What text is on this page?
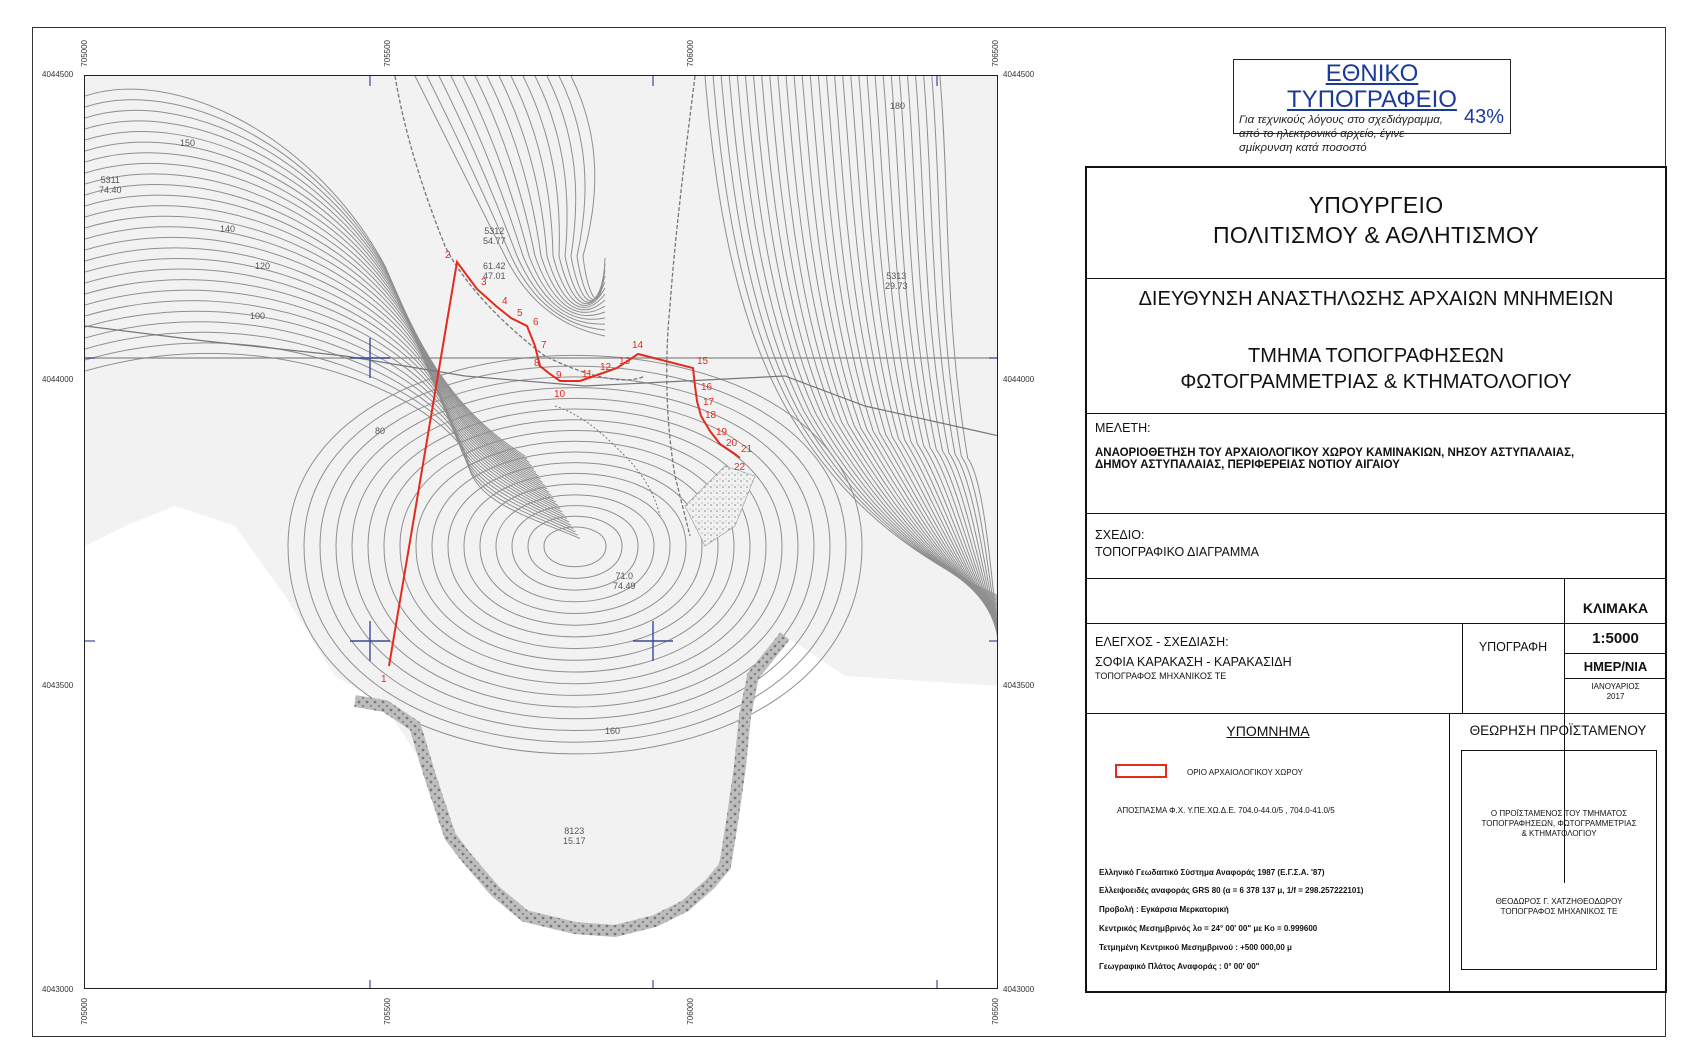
705000	705500	706000	706500
705000	705500	706000	706500
4044500
4044000
4043500
4043000
4044500
4044000
4043500
4043000
1
2
3
4
5
6
7
8
9
10
11
12
13
14
15
16
17
18
19
20
21
22
5311
74.40
5312
54.77
61.42
47.01	5313
29.73
71.0
74.49
8123
15.17
150
140
120
100
80
160
180
ΕΘΝΙΚΟ ΤΥΠΟΓΡΑΦΕΙΟ
Για τεχνικούς λόγους στο σχεδιάγραμμα,
από το ηλεκτρονικό αρχείο, έγινε
σμίκρυνση κατά ποσοστό
43%
ΥΠΟΥΡΓΕΙΟ
ΠΟΛΙΤΙΣΜΟΥ & ΑΘΛΗΤΙΣΜΟΥ
ΔΙΕΥΘΥΝΣΗ ΑΝΑΣΤΗΛΩΣΗΣ ΑΡΧΑΙΩΝ ΜΝΗΜΕΙΩΝ
ΤΜΗΜΑ ΤΟΠΟΓΡΑΦΗΣΕΩΝ
ΦΩΤΟΓΡΑΜΜΕΤΡΙΑΣ & ΚΤΗΜΑΤΟΛΟΓΙΟΥ
ΜΕΛΕΤΗ:
ΑΝΑΟΡΙΟΘΕΤΗΣΗ ΤΟΥ ΑΡΧΑΙΟΛΟΓΙΚΟΥ ΧΩΡΟΥ ΚΑΜΙΝΑΚΙΩΝ, ΝΗΣΟΥ ΑΣΤΥΠΑΛΑΙΑΣ,
ΔΗΜΟΥ ΑΣΤΥΠΑΛΑΙΑΣ, ΠΕΡΙΦΕΡΕΙΑΣ ΝΟΤΙΟΥ ΑΙΓΑΙΟΥ
ΣΧΕΔΙΟ:
ΤΟΠΟΓΡΑΦΙΚΟ ΔΙΑΓΡΑΜΜΑ
ΚΛΙΜΑΚΑ
1:5000
ΗΜΕΡ/ΝΙΑ
ΙΑΝΟΥΑΡΙΟΣ
2017
ΕΛΕΓΧΟΣ - ΣΧΕΔΙΑΣΗ:
ΣΟΦΙΑ ΚΑΡΑΚΑΣΗ - ΚΑΡΑΚΑΣΙΔΗ
ΤΟΠΟΓΡΑΦΟΣ ΜΗΧΑΝΙΚΟΣ ΤΕ
ΥΠΟΓΡΑΦΗ
ΥΠΟΜΝΗΜΑ
ΟΡΙΟ ΑΡΧΑΙΟΛΟΓΙΚΟΥ ΧΩΡΟΥ
ΑΠΟΣΠΑΣΜΑ Φ.Χ. Υ.ΠΕ.ΧΩ.Δ.Ε. 704.0-44.0/5 , 704.0-41.0/5
Ελληνικό Γεωδαιτικό Σύστημα Αναφοράς 1987 (Ε.Γ.Σ.Α. '87)
Ελλειψοειδές αναφοράς GRS 80 (α = 6 378 137 μ, 1/f = 298.257222101)
Προβολή : Εγκάρσια Μερκατορική
Κεντρικός Μεσημβρινός λο = 24° 00' 00" με Κο = 0.999600
Τετμημένη Κεντρικού Μεσημβρινού : +500 000,00 μ
Γεωγραφικό Πλάτος Αναφοράς : 0° 00' 00"
ΘΕΩΡΗΣΗ ΠΡΟΪΣΤΑΜΕΝΟΥ
Ο ΠΡΟΪΣΤΑΜΕΝΟΣ ΤΟΥ ΤΜΗΜΑΤΟΣ
ΤΟΠΟΓΡΑΦΗΣΕΩΝ, ΦΩΤΟΓΡΑΜΜΕΤΡΙΑΣ
& ΚΤΗΜΑΤΟΛΟΓΙΟΥ
ΘΕΟΔΩΡΟΣ Γ. ΧΑΤΖΗΘΕΟΔΩΡΟΥ
ΤΟΠΟΓΡΑΦΟΣ ΜΗΧΑΝΙΚΟΣ ΤΕ
